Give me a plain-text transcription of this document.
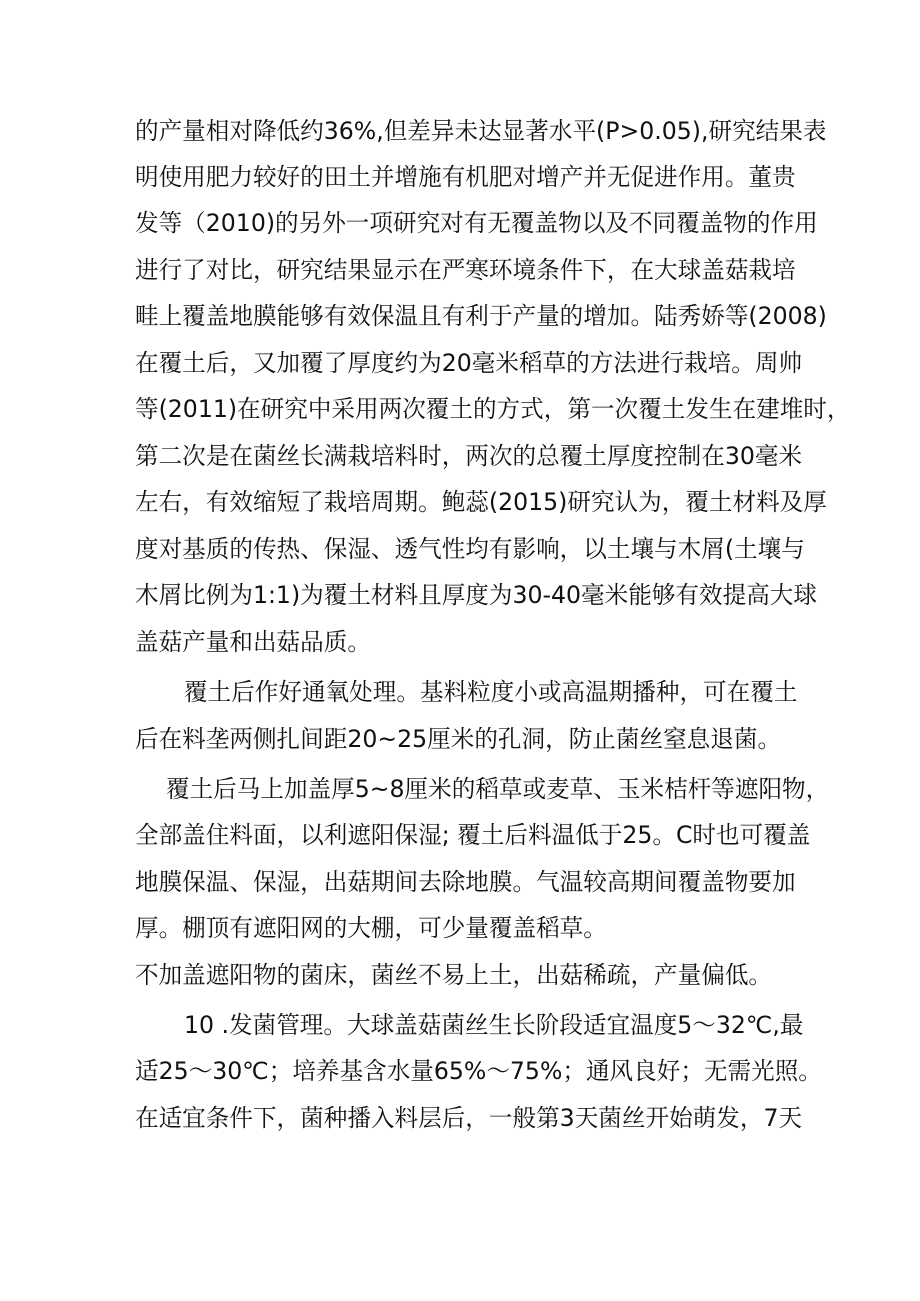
的产量相对降低约36%,但差异未达显著水平(P>0.05),研究结果表
明使用肥力较好的田土并增施有机肥对增产并无促进作用。董贵
发等（2010)的另外一项研究对有无覆盖物以及不同覆盖物的作用
进行了对比，研究结果显示在严寒环境条件下，在大球盖菇栽培
畦上覆盖地膜能够有效保温且有利于产量的增加。陆秀娇等(2008)
在覆土后，又加覆了厚度约为20毫米稻草的方法进行栽培。周帅
等(2011)在研究中采用两次覆土的方式，第一次覆土发生在建堆时，
第二次是在菌丝长满栽培料时，两次的总覆土厚度控制在30毫米
左右，有效缩短了栽培周期。鲍蕊(2015)研究认为，覆土材料及厚
度对基质的传热、保湿、透气性均有影响，以土壤与木屑(土壤与
木屑比例为1:1)为覆土材料且厚度为30-40毫米能够有效提高大球
盖菇产量和出菇品质。
覆土后作好通氧处理。基料粒度小或高温期播种，可在覆土
后在料垄两侧扎间距20~25厘米的孔洞，防止菌丝窒息退菌。
覆土后马上加盖厚5~8厘米的稻草或麦草、玉米桔杆等遮阳物，
全部盖住料面，以利遮阳保湿; 覆土后料温低于25。C时也可覆盖
地膜保温、保湿，出菇期间去除地膜。气温较高期间覆盖物要加
厚。棚顶有遮阳网的大棚，可少量覆盖稻草。
不加盖遮阳物的菌床，菌丝不易上土，出菇稀疏，产量偏低。
10 .发菌管理。大球盖菇菌丝生长阶段适宜温度5～32℃,最
适25～30℃；培养基含水量65%～75%；通风良好；无需光照。
在适宜条件下，菌种播入料层后，一般第3天菌丝开始萌发，7天
